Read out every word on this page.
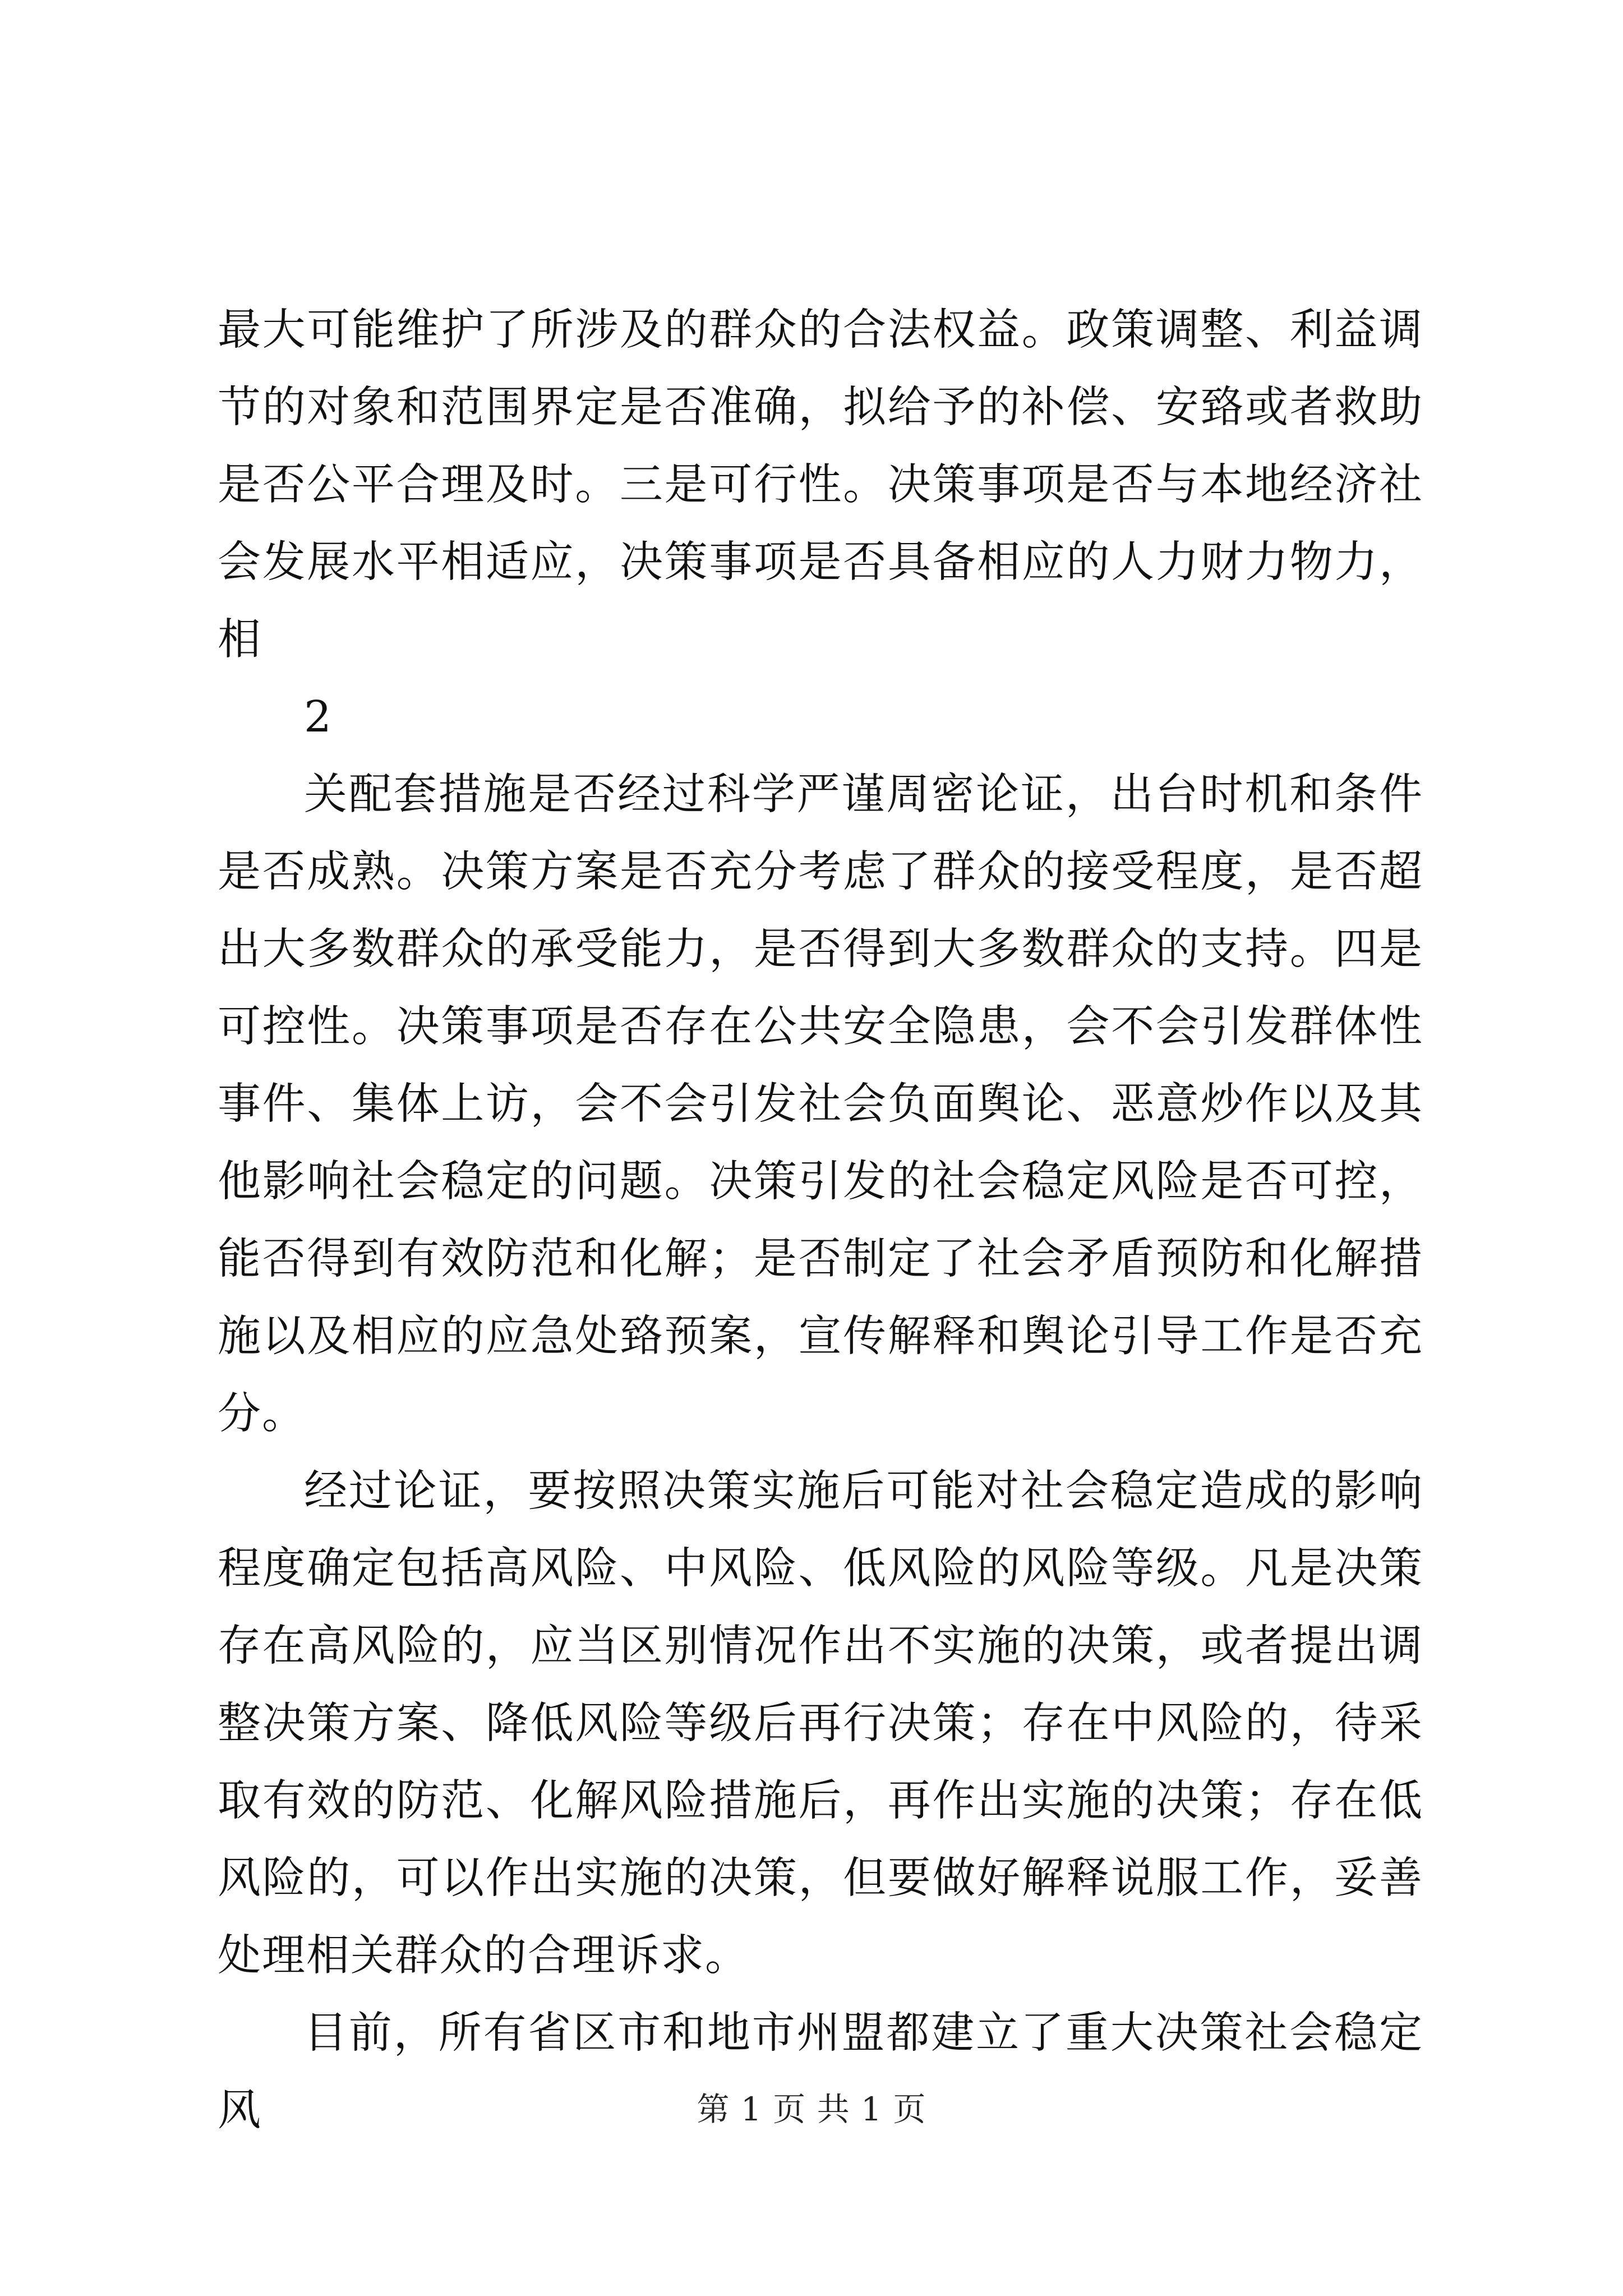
最大可能维护了所涉及的群众的合法权益。政策调整、利益调节的对象和范围界定是否准确，拟给予的补偿、安臵或者救助是否公平合理及时。三是可行性。决策事项是否与本地经济社会发展水平相适应，决策事项是否具备相应的人力财力物力，相

2

关配套措施是否经过科学严谨周密论证，出台时机和条件是否成熟。决策方案是否充分考虑了群众的接受程度，是否超出大多数群众的承受能力，是否得到大多数群众的支持。四是可控性。决策事项是否存在公共安全隐患，会不会引发群体性事件、集体上访，会不会引发社会负面舆论、恶意炒作以及其他影响社会稳定的问题。决策引发的社会稳定风险是否可控，能否得到有效防范和化解；是否制定了社会矛盾预防和化解措施以及相应的应急处臵预案，宣传解释和舆论引导工作是否充分。

经过论证，要按照决策实施后可能对社会稳定造成的影响程度确定包括高风险、中风险、低风险的风险等级。凡是决策存在高风险的，应当区别情况作出不实施的决策，或者提出调整决策方案、降低风险等级后再行决策；存在中风险的，待采取有效的防范、化解风险措施后，再作出实施的决策；存在低风险的，可以作出实施的决策，但要做好解释说服工作，妥善处理相关群众的合理诉求。

目前，所有省区市和地市州盟都建立了重大决策社会稳定风	第 1 页 共 1 页
